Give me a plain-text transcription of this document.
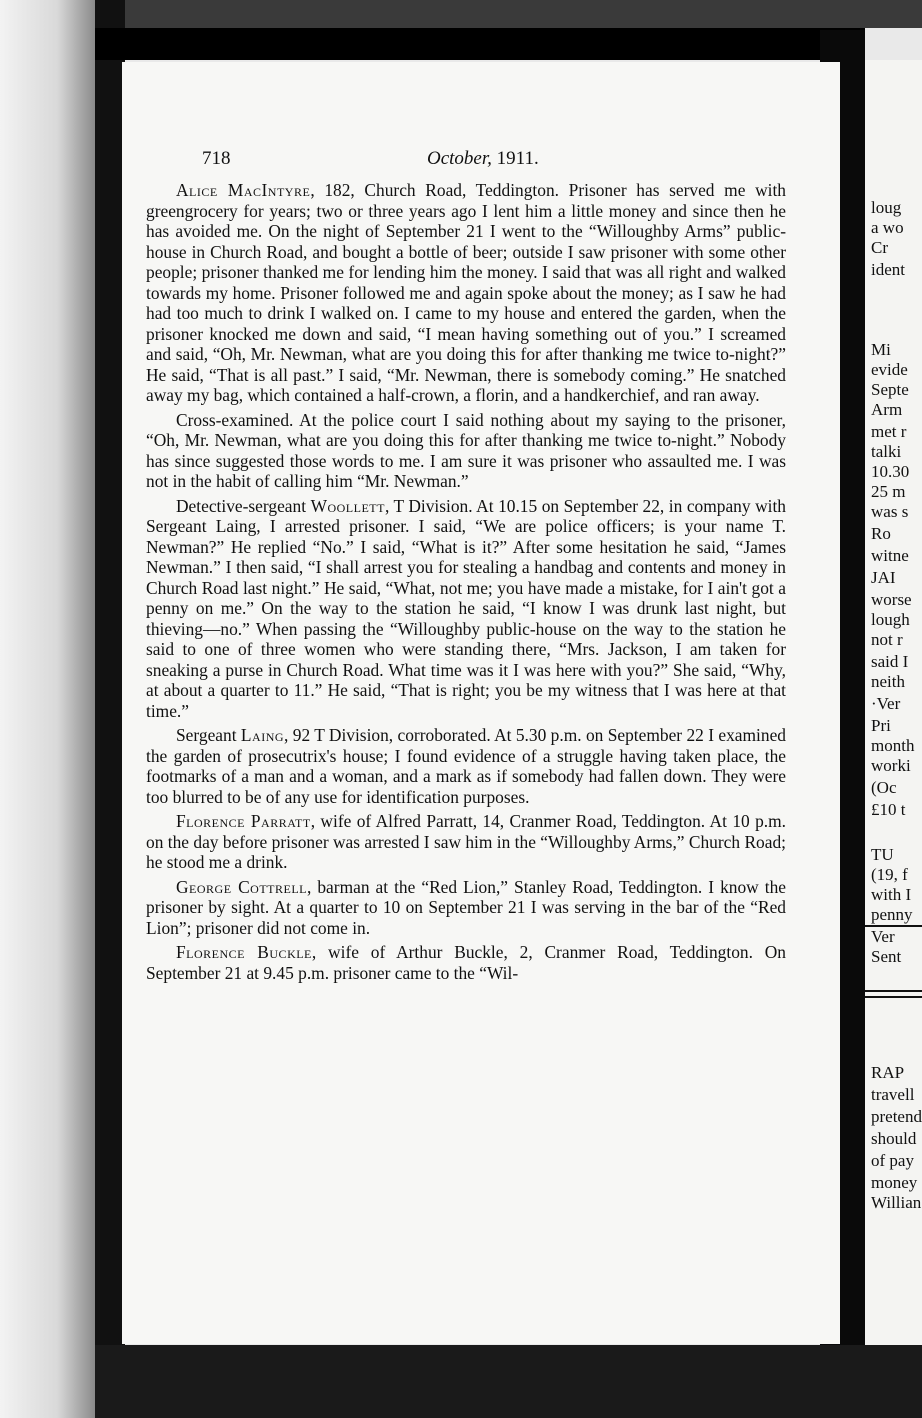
718	October, 1911.

Alice MacIntyre, 182, Church Road, Teddington. Prisoner has served me with greengrocery for years; two or three years ago I lent him a little money and since then he has avoided me. On the night of September 21 I went to the “Willoughby Arms” public-house in Church Road, and bought a bottle of beer; outside I saw prisoner with some other people; prisoner thanked me for lending him the money. I said that was all right and walked towards my home. Prisoner followed me and again spoke about the money; as I saw he had had too much to drink I walked on. I came to my house and entered the garden, when the prisoner knocked me down and said, “I mean having something out of you.” I screamed and said, “Oh, Mr. Newman, what are you doing this for after thanking me twice to-night?” He said, “That is all past.” I said, “Mr. Newman, there is somebody coming.” He snatched away my bag, which contained a half-crown, a florin, and a handkerchief, and ran away.

Cross-examined. At the police court I said nothing about my saying to the prisoner, “Oh, Mr. Newman, what are you doing this for after thanking me twice to-night.” Nobody has since suggested those words to me. I am sure it was prisoner who assaulted me. I was not in the habit of calling him “Mr. Newman.”

Detective-sergeant Woollett, T Division. At 10.15 on September 22, in company with Sergeant Laing, I arrested prisoner. I said, “We are police officers; is your name T. Newman?” He replied “No.” I said, “What is it?” After some hesitation he said, “James Newman.” I then said, “I shall arrest you for stealing a handbag and contents and money in Church Road last night.” He said, “What, not me; you have made a mistake, for I ain't got a penny on me.” On the way to the station he said, “I know I was drunk last night, but thieving—no.” When passing the “Willoughby public-house on the way to the station he said to one of three women who were standing there, “Mrs. Jackson, I am taken for sneaking a purse in Church Road. What time was it I was here with you?” She said, “Why, at about a quarter to 11.” He said, “That is right; you be my witness that I was here at that time.”

Sergeant Laing, 92 T Division, corroborated. At 5.30 p.m. on September 22 I examined the garden of prosecutrix's house; I found evidence of a struggle having taken place, the footmarks of a man and a woman, and a mark as if somebody had fallen down. They were too blurred to be of any use for identification purposes.

Florence Parratt, wife of Alfred Parratt, 14, Cranmer Road, Teddington. At 10 p.m. on the day before prisoner was arrested I saw him in the “Willoughby Arms,” Church Road; he stood me a drink.

George Cottrell, barman at the “Red Lion,” Stanley Road, Teddington. I know the prisoner by sight. At a quarter to 10 on September 21 I was serving in the bar of the “Red Lion”; prisoner did not come in.

Florence Buckle, wife of Arthur Buckle, 2, Cranmer Road, Teddington. On September 21 at 9.45 p.m. prisoner came to the “Wil-

loug
a wo
Cr
ident
Mi
evide
Septe
Arm
met r
talki
10.30
25 m
was s
Ro
witne
JAI
worse
lough
not r
said I
neith
·Ver
Pri
month
worki
(Oc
£10 t
TU
(19, f
with I
penny
Ver
Sent
RAP
travell
pretend
should
of pay
money
Willian
